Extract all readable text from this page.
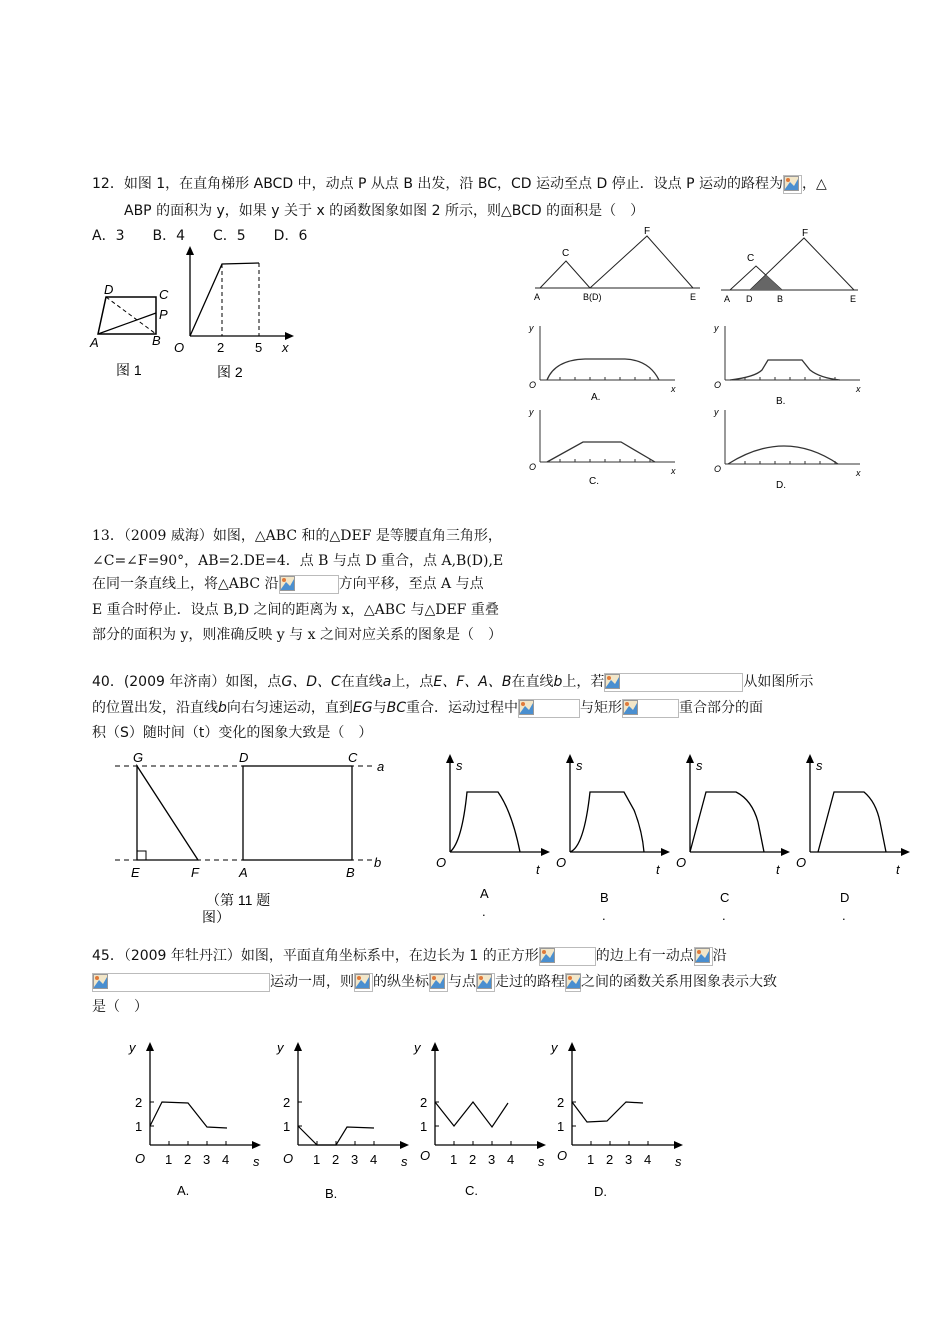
12．如图 1，在直角梯形 ABCD 中，动点 P 从点 B 出发，沿 BC，CD 运动至点 D 停止．设点 P 运动的路程为 ，△
ABP 的面积为 y，如果 y 关于 x 的函数图象如图 2 所示，则△BCD 的面积是（　）
A．3　　B．4　　C．5　　D．6
D	C
P
A	B
图 1
O	2 5 x
图 2
C
F
A	B(D)	E
C
F
A D	B	E
y
O	x
A.
y
O	x
B.
y
O	x
C.
y
O	x
D.
13．（2009 威海）如图，△ABC 和的△DEF 是等腰直角三角形，
∠C=∠F=90°，AB=2.DE=4．点 B 与点 D 重合，点 A,B(D),E
在同一条直线上，将△ABC 沿	方向平移，至点 A 与点
E 重合时停止．设点 B,D 之间的距离为 x，△ABC 与△DEF 重叠
部分的面积为 y，则准确反映 y 与 x 之间对应关系的图象是（　）
40．(2009 年济南）如图，点G、D、C在直线a上，点E、F、A、B在直线b上，若	从如图所示
的位置出发，沿直线b向右匀速运动，直到EG与BC重合．运动过程中	与矩形	重合部分的面
积（S）随时间（t）变化的图象大致是（　）
G	D	C
a
E	F	A	B
b
（第 11 题
图）
s
O	t
A
.
s
O	t
B
.
s
O	t
C
.
s
O	t
D
.
45．（2009 年牡丹江）如图，平面直角坐标系中，在边长为 1 的正方形	的边上有一动点 沿
运动一周，则 的纵坐标 与点 走过的路程 之间的函数关系用图象表示大致
是（　）
y
O
1
2
1 2 3 4 s
A.
y
O
1
2
1 2 3 4 s
B.
y
O
1
2
1 2 3 4 s
C.
y
O
1
2
1 2 3 4 s
D.
